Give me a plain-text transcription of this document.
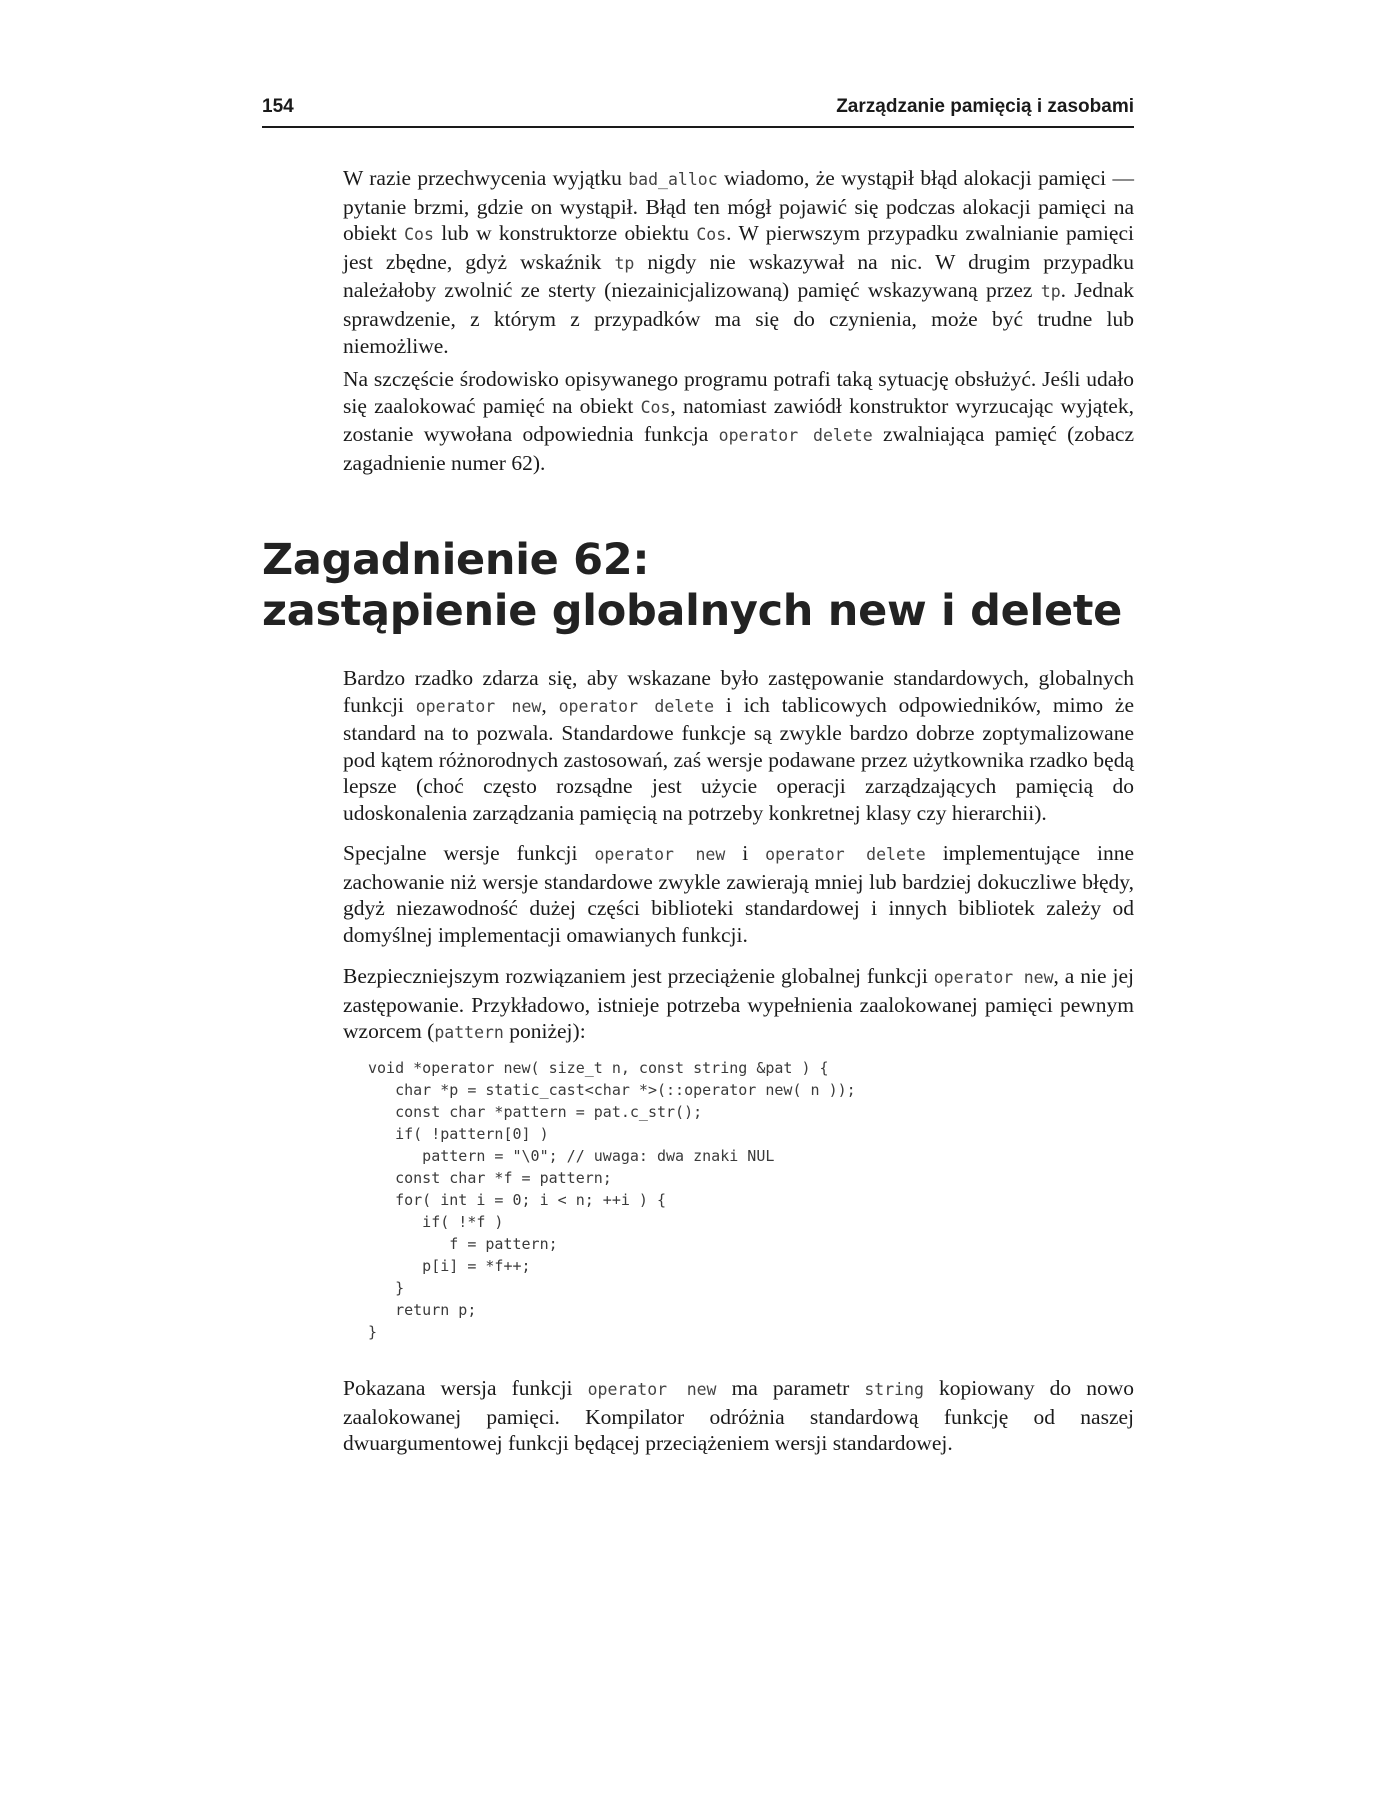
154	Zarządzanie pamięcią i zasobami

W razie przechwycenia wyjątku bad_alloc wiadomo, że wystąpił błąd alokacji pamięci — pytanie brzmi, gdzie on wystąpił. Błąd ten mógł pojawić się podczas alokacji pamięci na obiekt Cos lub w konstruktorze obiektu Cos. W pierwszym przypadku zwalnianie pamięci jest zbędne, gdyż wskaźnik tp nigdy nie wskazywał na nic. W drugim przypadku należałoby zwolnić ze sterty (niezainicjalizowaną) pamięć wskazywaną przez tp. Jednak sprawdzenie, z którym z przypadków ma się do czynienia, może być trudne lub niemożliwe.

Na szczęście środowisko opisywanego programu potrafi taką sytuację obsłużyć. Jeśli udało się zaalokować pamięć na obiekt Cos, natomiast zawiódł konstruktor wyrzucając wyjątek, zostanie wywołana odpowiednia funkcja operator delete zwalniająca pamięć (zobacz zagadnienie numer 62).

Zagadnienie 62:
zastąpienie globalnych new i delete

Bardzo rzadko zdarza się, aby wskazane było zastępowanie standardowych, globalnych funkcji operator new, operator delete i ich tablicowych odpowiedników, mimo że standard na to pozwala. Standardowe funkcje są zwykle bardzo dobrze zoptymalizowane pod kątem różnorodnych zastosowań, zaś wersje podawane przez użytkownika rzadko będą lepsze (choć często rozsądne jest użycie operacji zarządzających pamięcią do udoskonalenia zarządzania pamięcią na potrzeby konkretnej klasy czy hierarchii).

Specjalne wersje funkcji operator new i operator delete implementujące inne zachowanie niż wersje standardowe zwykle zawierają mniej lub bardziej dokuczliwe błędy, gdyż niezawodność dużej części biblioteki standardowej i innych bibliotek zależy od domyślnej implementacji omawianych funkcji.

Bezpieczniejszym rozwiązaniem jest przeciążenie globalnej funkcji operator new, a nie jej zastępowanie. Przykładowo, istnieje potrzeba wypełnienia zaalokowanej pamięci pewnym wzorcem (pattern poniżej):

void *operator new( size_t n, const string &pat ) {
char *p = static_cast<char *>(::operator new( n ));
const char *pattern = pat.c_str();
if( !pattern[0] )
pattern = "\0"; // uwaga: dwa znaki NUL
const char *f = pattern;
for( int i = 0; i < n; ++i ) {
if( !*f )
f = pattern;
p[i] = *f++;
}
return p;
}

Pokazana wersja funkcji operator new ma parametr string kopiowany do nowo zaalokowanej pamięci. Kompilator odróżnia standardową funkcję od naszej dwuargumentowej funkcji będącej przeciążeniem wersji standardowej.
